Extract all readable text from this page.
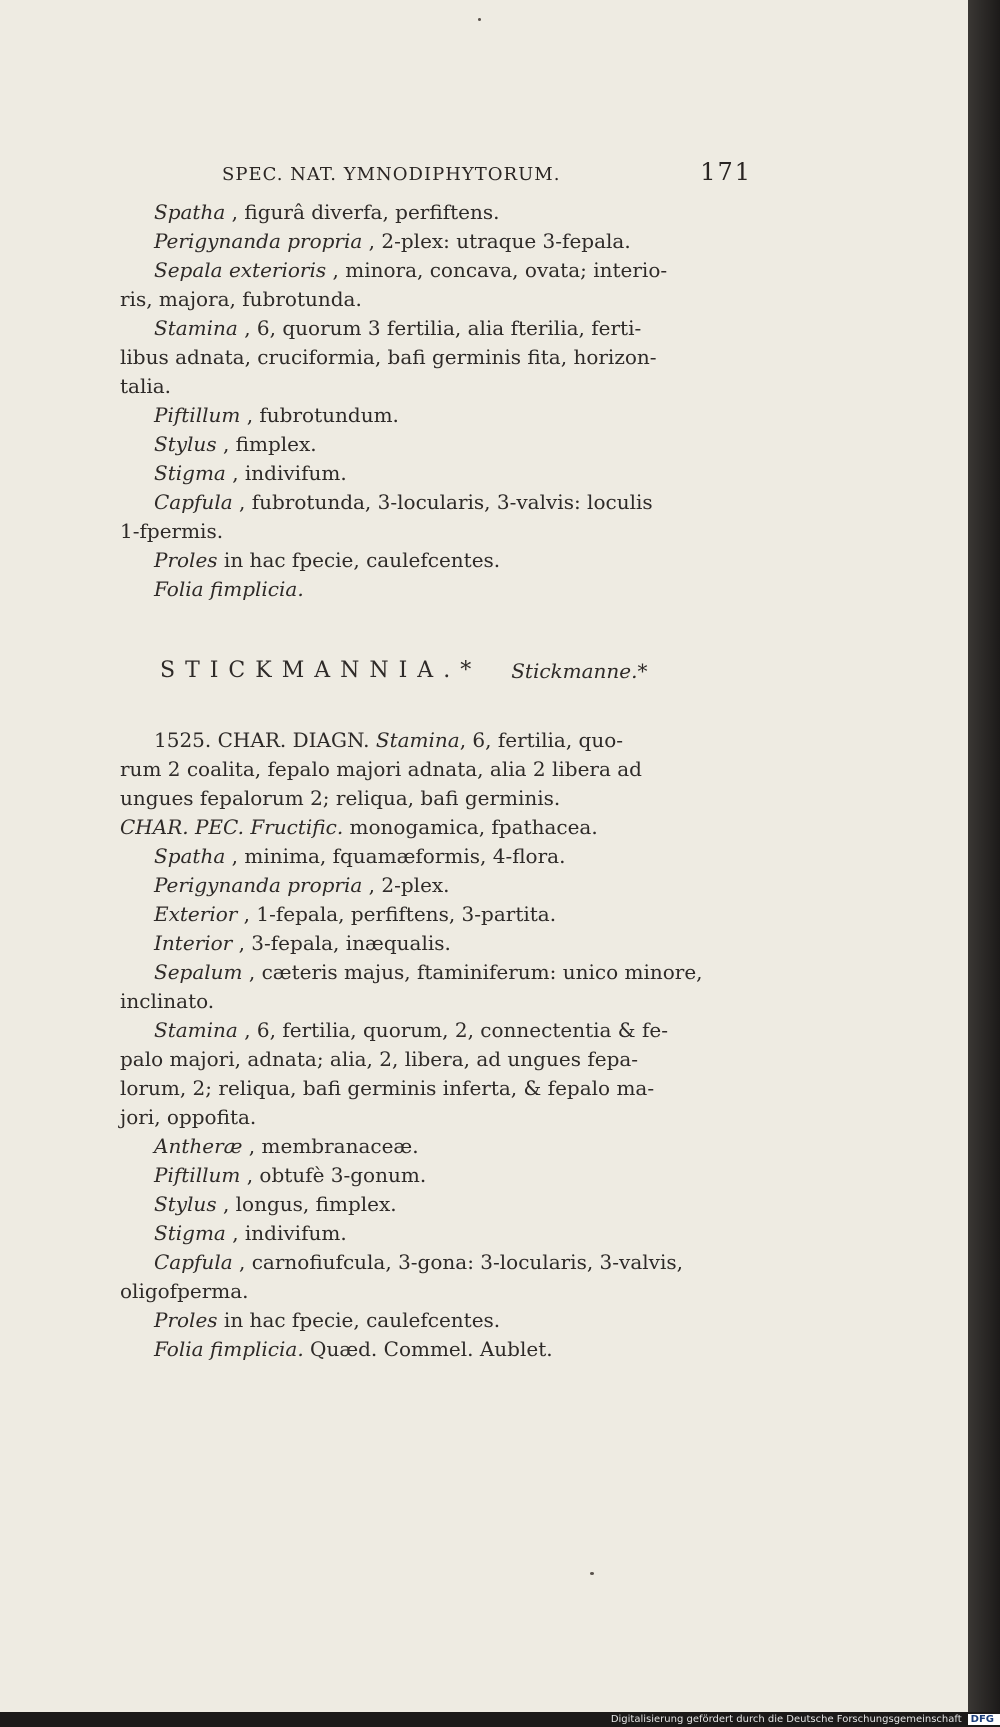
SPEC. NAT. YMNODIPHYTORUM.	171
Spatha , figurâ diverfa, perfiftens.
Perigynanda propria , 2-plex: utraque 3-fepala.
Sepala exterioris , minora, concava, ovata; interio-
ris, majora, fubrotunda.
Stamina , 6, quorum 3 fertilia, alia fterilia, ferti-
libus adnata, cruciformia, bafi germinis fita, horizon-
talia.
Piftillum , fubrotundum.
Stylus , fimplex.
Stigma , indivifum.
Capfula , fubrotunda, 3-locularis, 3-valvis: loculis
1-fpermis.
Proles in hac fpecie, caulefcentes.
Folia fimplicia.
STICKMANNIA.* Stickmanne.*
1525. CHAR. DIAGN. Stamina, 6, fertilia, quo-
rum 2 coalita, fepalo majori adnata, alia 2 libera ad
ungues fepalorum 2; reliqua, bafi germinis.
CHAR. PEC. Fructific. monogamica, fpathacea.
Spatha , minima, fquamæformis, 4-flora.
Perigynanda propria , 2-plex.
Exterior , 1-fepala, perfiftens, 3-partita.
Interior , 3-fepala, inæqualis.
Sepalum , cæteris majus, ftaminiferum: unico minore,
inclinato.
Stamina , 6, fertilia, quorum, 2, connectentia & fe-
palo majori, adnata; alia, 2, libera, ad ungues fepa-
lorum, 2; reliqua, bafi germinis inferta, & fepalo ma-
jori, oppofita.
Antheræ , membranaceæ.
Piftillum , obtufè 3-gonum.
Stylus , longus, fimplex.
Stigma , indivifum.
Capfula , carnofiufcula, 3-gona: 3-locularis, 3-valvis,
oligofperma.
Proles in hac fpecie, caulefcentes.
Folia fimplicia. Quæd. Commel. Aublet.
Digitalisierung gefördert durch die Deutsche Forschungsgemeinschaft DFG
